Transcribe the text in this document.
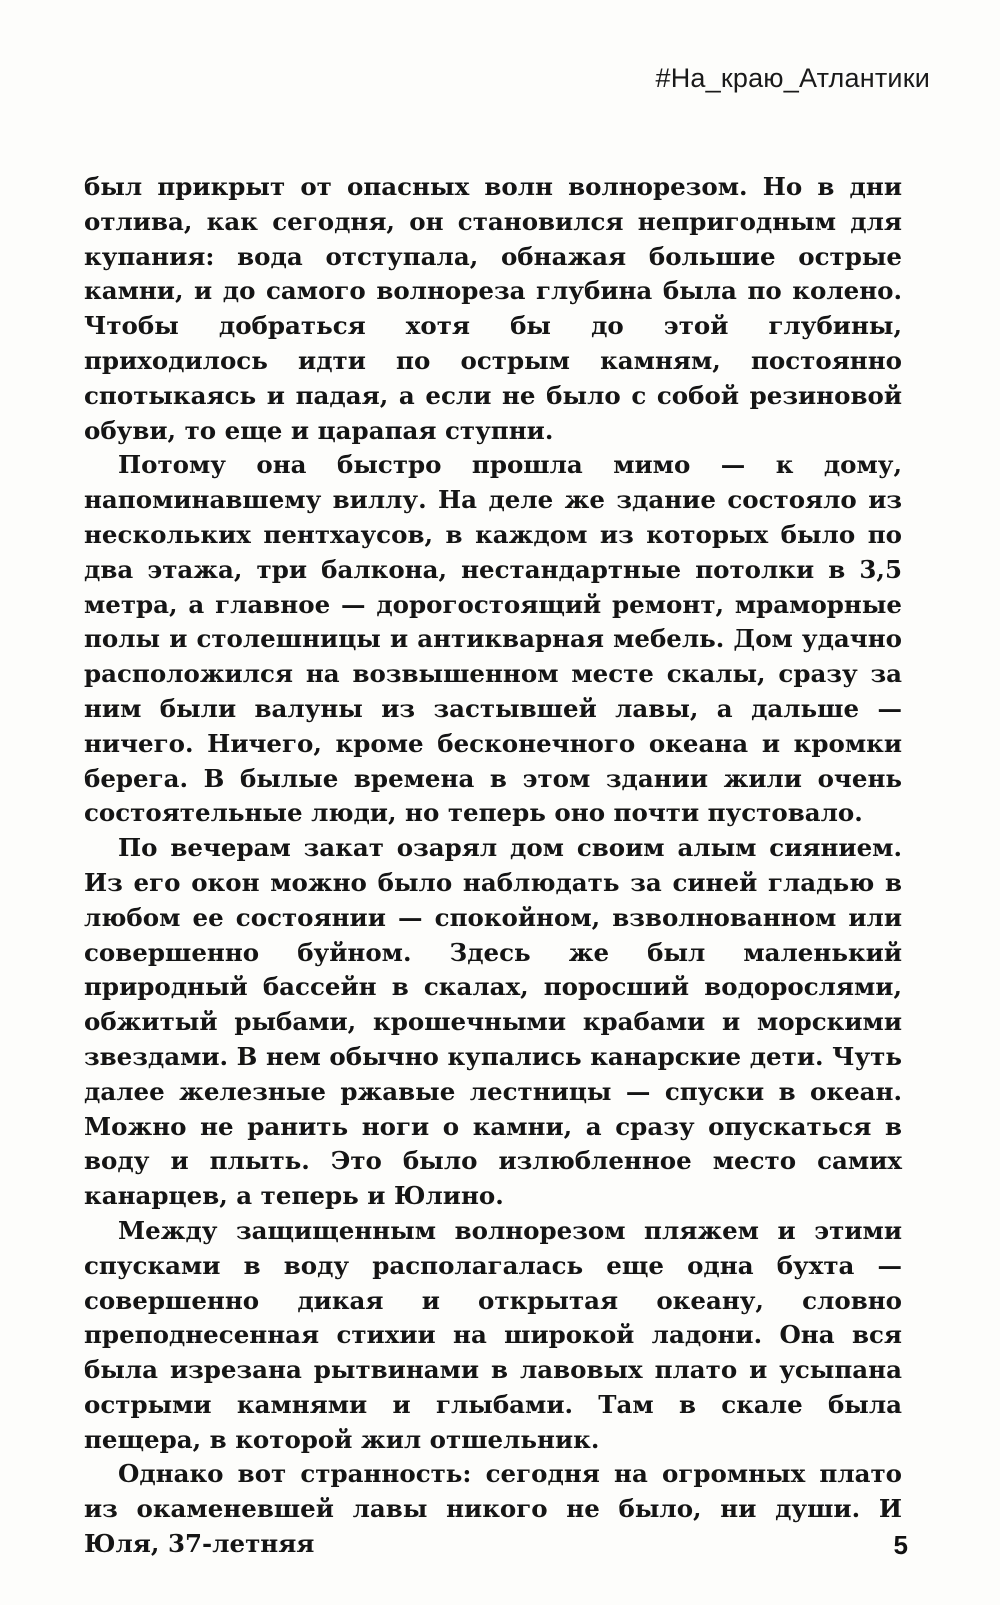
#На_краю_Атлантики

был прикрыт от опасных волн волнорезом. Но в дни отлива, как сегодня, он становился непригодным для купания: вода отступала, обнажая большие острые камни, и до самого волнореза глубина была по колено. Чтобы добраться хотя бы до этой глубины, приходилось идти по острым камням, постоянно спотыкаясь и падая, а если не было с собой резиновой обуви, то еще и царапая ступни.

Потому она быстро прошла мимо — к дому, напоминавшему виллу. На деле же здание состояло из нескольких пентхаусов, в каждом из которых было по два этажа, три балкона, нестандартные потолки в 3,5 метра, а главное — дорогостоящий ремонт, мраморные полы и столешницы и антикварная мебель. Дом удачно расположился на возвышенном месте скалы, сразу за ним были валуны из застывшей лавы, а дальше — ничего. Ничего, кроме бесконечного океана и кромки берега. В былые времена в этом здании жили очень состоятельные люди, но теперь оно почти пустовало.

По вечерам закат озарял дом своим алым сиянием. Из его окон можно было наблюдать за синей гладью в любом ее состоянии — спокойном, взволнованном или совершенно буйном. Здесь же был маленький природный бассейн в скалах, поросший водорослями, обжитый рыбами, крошечными крабами и морскими звездами. В нем обычно купались канарские дети. Чуть далее железные ржавые лестницы — спуски в океан. Можно не ранить ноги о камни, а сразу опускаться в воду и плыть. Это было излюбленное место самих канарцев, а теперь и Юлино.

Между защищенным волнорезом пляжем и этими спусками в воду располагалась еще одна бухта — совершенно дикая и открытая океану, словно преподнесенная стихии на широкой ладони. Она вся была изрезана рытвинами в лавовых плато и усыпана острыми камнями и глыбами. Там в скале была пещера, в которой жил отшельник.

Однако вот странность: сегодня на огромных плато из окаменевшей лавы никого не было, ни души. И Юля, 37-летняя	5
